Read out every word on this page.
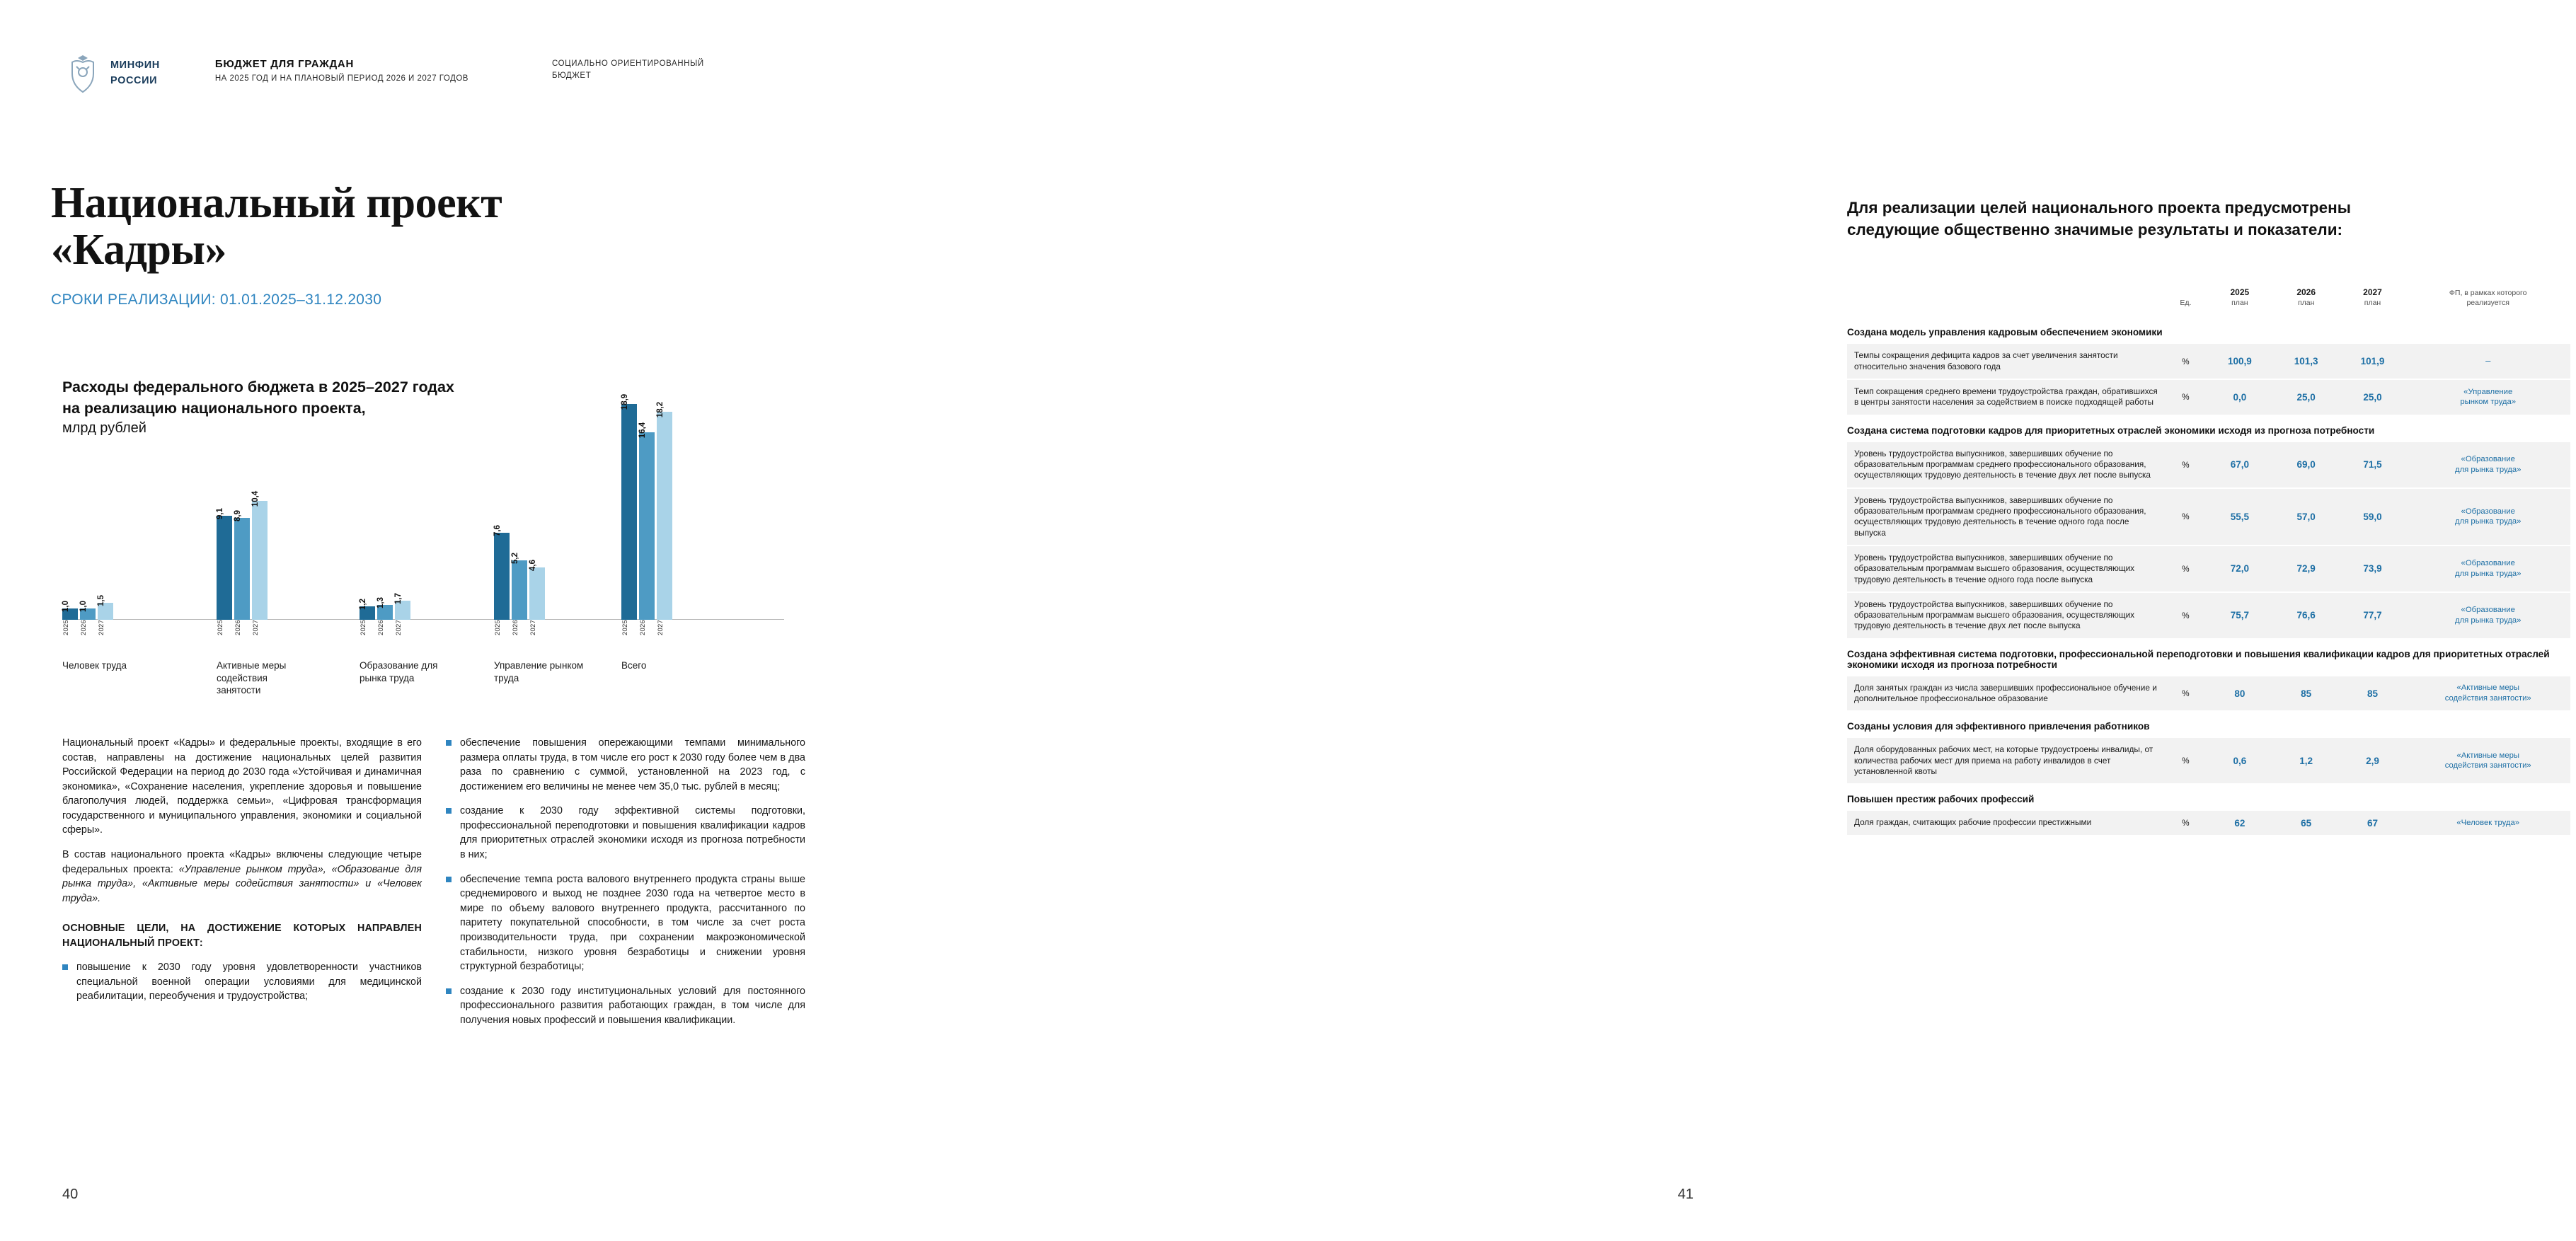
МИНФИН
РОССИИ
БЮДЖЕТ ДЛЯ ГРАЖДАН
НА 2025 ГОД И НА ПЛАНОВЫЙ ПЕРИОД 2026 И 2027 ГОДОВ
СОЦИАЛЬНО ОРИЕНТИРОВАННЫЙ
БЮДЖЕТ
Национальный проект
«Кадры»
СРОКИ РЕАЛИЗАЦИИ: 01.01.2025–31.12.2030
Расходы федерального бюджета в 2025–2027 годах
на реализацию национального проекта,
млрд рублей
1,0 1,0
1,5
2025	2026	2027
Человек труда
9,1 8,9
10,4
2025	2026	2027
Активные меры содействия занятости
1,2 1,3 1,7
2025	2026	2027
Образование для рынка труда
7,6
5,2
4,6
2025	2026	2027
Управление рынком труда
18,9
16,4
18,2
2025	2026	2027
Всего

Национальный проект «Кадры» и федеральные проекты, входящие в его состав, направлены на достижение национальных целей развития Российской Федерации на период до 2030 года «Устойчивая и динамичная экономика», «Сохранение населения, укрепление здоровья и повышение благополучия людей, поддержка семьи», «Цифровая трансформация государственного и муниципального управления, экономики и социальной сферы».

В состав национального проекта «Кадры» включены следующие четыре федеральных проекта: «Управление рынком труда», «Образование для рынка труда», «Активные меры содействия занятости» и «Человек труда».

ОСНОВНЫЕ ЦЕЛИ, НА ДОСТИЖЕНИЕ КОТОРЫХ НАПРАВЛЕН НАЦИОНАЛЬНЫЙ ПРОЕКТ:
повышение к 2030 году уровня удовлетворенности участников специальной военной операции условиями для медицинской реабилитации, переобучения и трудоустройства;
обеспечение повышения опережающими темпами минимального размера оплаты труда, в том числе его рост к 2030 году более чем в два раза по сравнению с суммой, установленной на 2023 год, с достижением его величины не менее чем 35,0 тыс. рублей в месяц;
создание к 2030 году эффективной системы подготовки, профессиональной переподготовки и повышения квалификации кадров для приоритетных отраслей экономики исходя из прогноза потребности в них;
обеспечение темпа роста валового внутреннего продукта страны выше среднемирового и выход не позднее 2030 года на четвертое место в мире по объему валового внутреннего продукта, рассчитанного по паритету покупательной способности, в том числе за счет роста производительности труда, при сохранении макроэкономической стабильности, низкого уровня безработицы и снижении уровня структурной безработицы;
создание к 2030 году институциональных условий для постоянного профессионального развития работающих граждан, в том числе для получения новых профессий и повышения квалификации.
40
Для реализации целей национального проекта предусмотрены
следующие общественно значимые результаты и показатели:
	Ед.	
2025
план	
2026
план	
2027
план	
ФП, в рамках которого
реализуется

Создана модель управления кадровым обеспечением экономики					
Темпы сокращения дефицита кадров за счет увеличения занятости относительно значения базового года	%	100,9	101,3	101,9	–
Темп сокращения среднего времени трудоустройства граждан, обратившихся в центры занятости населения за содействием в поиске подходящей работы	%	0,0	25,0	25,0	«Управление
рынком труда»

Создана система подготовки кадров для приоритетных отраслей экономики исходя из прогноза потребности					
Уровень трудоустройства выпускников, завершивших обучение по образовательным программам среднего профессионального образования, осуществляющих трудовую деятельность в течение двух лет после выпуска	%	67,0	69,0	71,5	«Образование
для рынка труда»

Уровень трудоустройства выпускников, завершивших обучение по образовательным программам среднего профессионального образования, осуществляющих трудовую деятельность в течение одного года после выпуска	%	55,5	57,0	59,0	«Образование
для рынка труда»

Уровень трудоустройства выпускников, завершивших обучение по образовательным программам высшего образования, осуществляющих трудовую деятельность в течение одного года после выпуска	%	72,0	72,9	73,9	«Образование
для рынка труда»

Уровень трудоустройства выпускников, завершивших обучение по образовательным программам высшего образования, осуществляющих трудовую деятельность в течение двух лет после выпуска	%	75,7	76,6	77,7	«Образование
для рынка труда»

Создана эффективная система подготовки, профессиональной переподготовки и повышения квалификации кадров для приоритетных отраслей экономики исходя из прогноза потребности					
Доля занятых граждан из числа завершивших профессиональное обучение и дополнительное профессиональное образование	%	80	85	85	«Активные меры
содействия занятости»

Созданы условия для эффективного привлечения работников					
Доля оборудованных рабочих мест, на которые трудоустроены инвалиды, от количества рабочих мест для приема на работу инвалидов в счет установленной квоты	%	0,6	1,2	2,9	«Активные меры
содействия занятости»

Повышен престиж рабочих профессий					
Доля граждан, считающих рабочие профессии престижными	%	62	65	67	«Человек труда»
41
